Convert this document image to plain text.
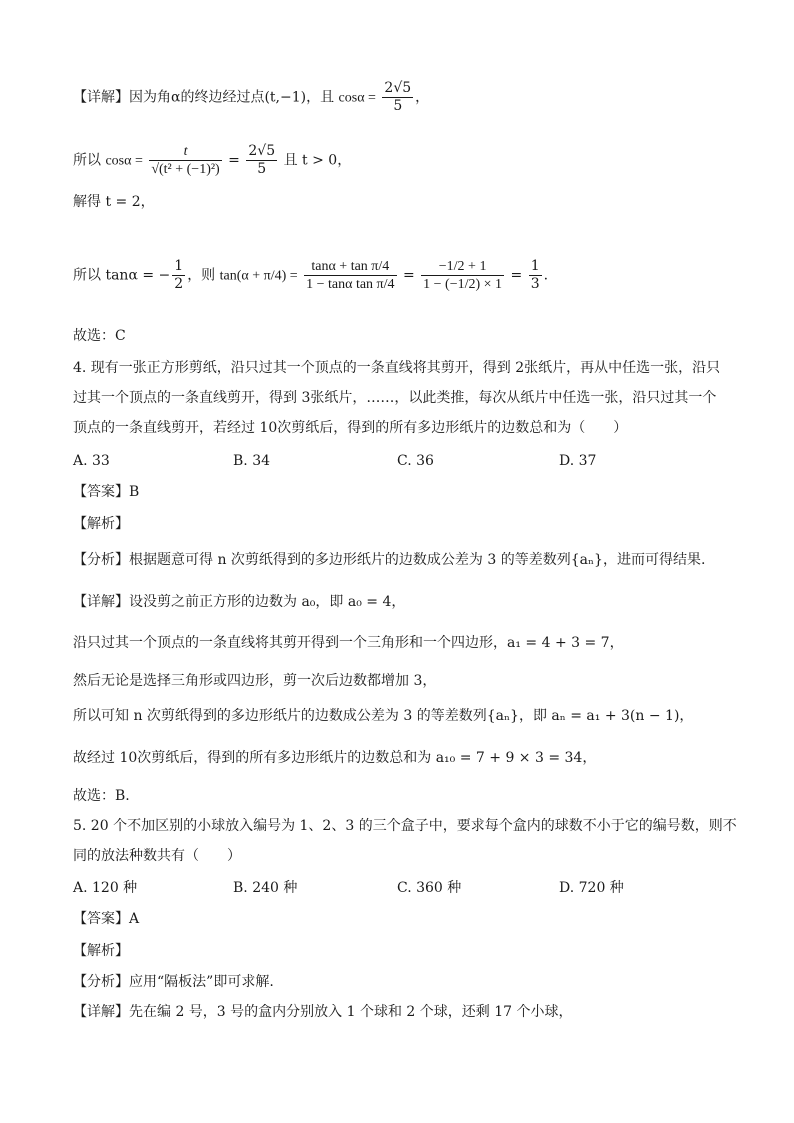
【详解】因为角α的终边经过点(t,−1)，且 $\cos\alpha = \frac{2√5}{5}$ ，
所以 $\cos\alpha = \frac{t}{\text{√(t² + (−1)²)}} = \frac{2√5}{5}$ 且 t > 0，
解得 t = 2，
所以 tanα = − $\frac{1}{2}$ ，则 $\tan(\alpha + \pi/4) = \frac{\text{tanα + tan π/4}}{\text{1 − tanα tan π/4}} = \frac{-1/2 + 1}{1 - (-1/2) \times 1} = \frac{1}{3}$ .
故选：C
4. 现有一张正方形剪纸，沿只过其一个顶点的一条直线将其剪开，得到 2张纸片，再从中任选一张，沿只
过其一个顶点的一条直线剪开，得到 3张纸片，……，以此类推，每次从纸片中任选一张，沿只过其一个
顶点的一条直线剪开，若经过 10次剪纸后，得到的所有多边形纸片的边数总和为（　　）
A. 33	B. 34	C. 36	D. 37
【答案】B
【解析】
【分析】根据题意可得 n 次剪纸得到的多边形纸片的边数成公差为 3 的等差数列{aₙ}，进而可得结果.
【详解】设没剪之前正方形的边数为 a₀，即 a₀ = 4，
沿只过其一个顶点的一条直线将其剪开得到一个三角形和一个四边形，a₁ = 4 + 3 = 7，
然后无论是选择三角形或四边形，剪一次后边数都增加 3，
所以可知 n 次剪纸得到的多边形纸片的边数成公差为 3 的等差数列{aₙ}，即 aₙ = a₁ + 3(n − 1)，
故经过 10次剪纸后，得到的所有多边形纸片的边数总和为 a₁₀ = 7 + 9 × 3 = 34，
故选：B.
5. 20 个不加区别的小球放入编号为 1、2、3 的三个盒子中，要求每个盒内的球数不小于它的编号数，则不
同的放法种数共有（　　）
A. 120 种	B. 240 种	C. 360 种	D. 720 种
【答案】A
【解析】
【分析】应用“隔板法”即可求解.
【详解】先在编 2 号，3 号的盒内分别放入 1 个球和 2 个球，还剩 17 个小球，
